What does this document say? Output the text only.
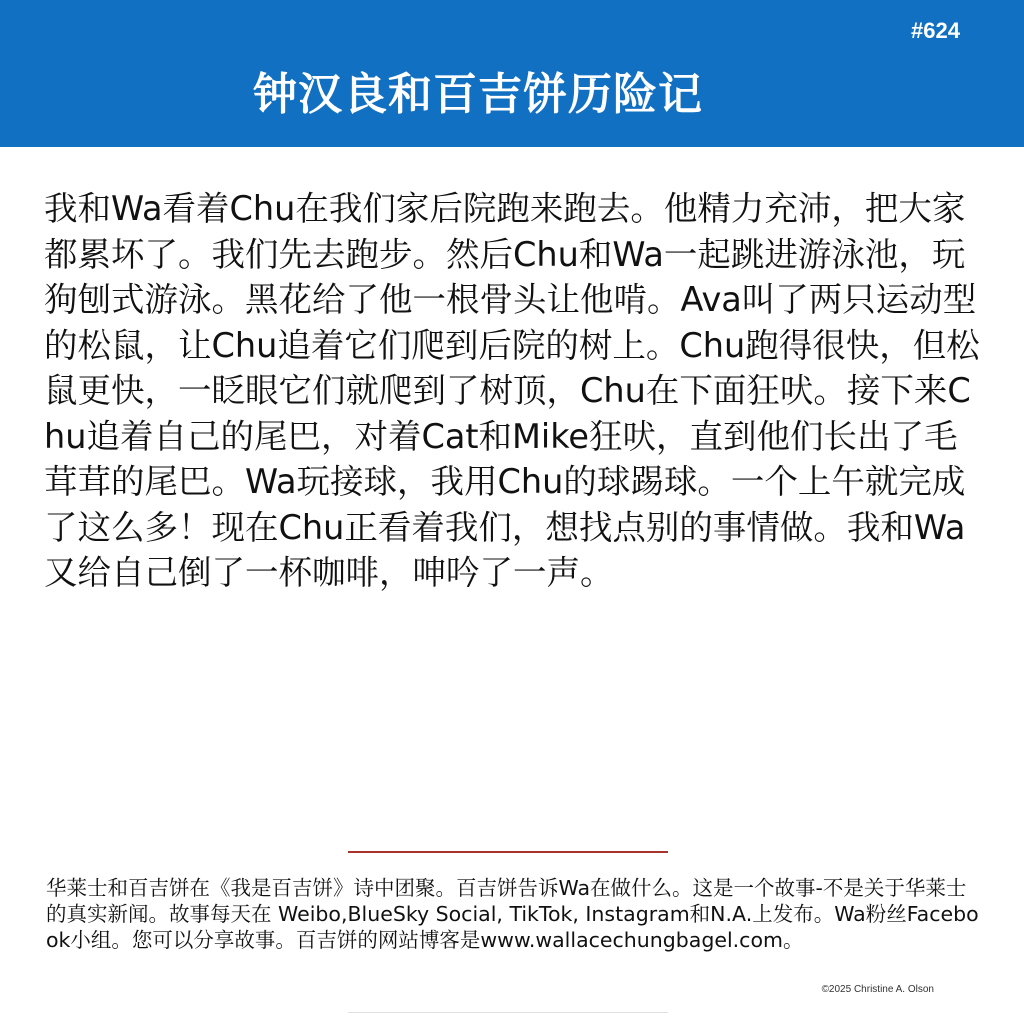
#624
钟汉良和百吉饼历险记
我和Wa看着Chu在我们家后院跑来跑去。他精力充沛，把大家都累坏了。我们先去跑步。然后Chu和Wa一起跳进游泳池，玩狗刨式游泳。黑花给了他一根骨头让他啃。Ava叫了两只运动型的松鼠，让Chu追着它们爬到后院的树上。Chu跑得很快，但松鼠更快，一眨眼它们就爬到了树顶，Chu在下面狂吠。接下来Chu追着自己的尾巴，对着Cat和Mike狂吠，直到他们长出了毛茸茸的尾巴。Wa玩接球，我用Chu的球踢球。一个上午就完成了这么多！现在Chu正看着我们，想找点别的事情做。我和Wa又给自己倒了一杯咖啡，呻吟了一声。
华莱士和百吉饼在《我是百吉饼》诗中团聚。百吉饼告诉Wa在做什么。这是一个故事-不是关于华莱士的真实新闻。故事每天在 Weibo,BlueSky Social, TikTok, Instagram和N.A.上发布。Wa粉丝Facebook小组。您可以分享故事。百吉饼的网站博客是www.wallacechungbagel.com。
©2025 Christine A. Olson
